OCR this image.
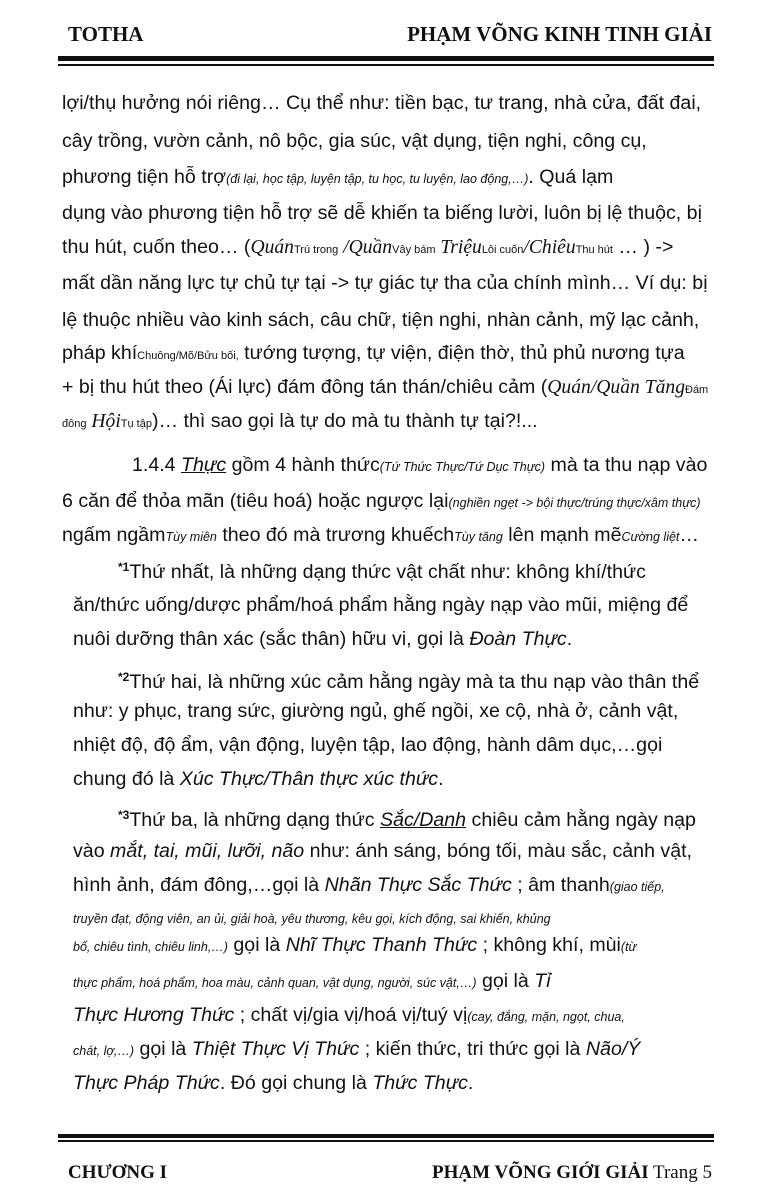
TOTHA	PHẠM VÕNG KINH TINH GIẢI
lợi/thụ hưởng nói riêng… Cụ thể như: tiền bạc, tư trang, nhà cửa, đất đai,
cây trồng, vườn cảnh, nô bộc, gia súc, vật dụng, tiện nghi, công cụ,
phương tiện hỗ trợ(đi lại, học tập, luyện tập, tu học, tu luyện, lao động,…). Quá lạm
dụng vào phương tiện hỗ trợ sẽ dễ khiến ta biếng lười, luôn bị lệ thuộc, bị
thu hút, cuốn theo… (QuánTrú trong /QuầnVây bám TriệuLôi cuốn/ChiêuThu hút … ) ->
mất dần năng lực tự chủ tự tại -> tự giác tự tha của chính mình… Ví dụ: bị
lệ thuộc nhiều vào kinh sách, câu chữ, tiện nghi, nhàn cảnh, mỹ lạc cảnh,
pháp khíChuông/Mõ/Bửu bối, tướng tượng, tự viện, điện thờ, thủ phủ nương tựa
+ bị thu hút theo (Ái lực) đám đông tán thán/chiêu cảm (Quán/Quần TăngĐám
đông HộiTụ tập)… thì sao gọi là tự do mà tu thành tự tại?!...
1.4.4 Thực gồm 4 hành thức(Tứ Thức Thực/Tứ Dục Thực) mà ta thu nạp vào
6 căn để thỏa mãn (tiêu hoá) hoặc ngược lại(nghiền ngẹt -> bội thực/trúng thực/xâm thực)
ngấm ngầmTùy miên theo đó mà trương khuếchTùy tăng lên mạnh mẽCường liệt…
$^{*1}$Thứ nhất, là những dạng thức vật chất như: không khí/thức
ăn/thức uống/dược phẩm/hoá phẩm hằng ngày nạp vào mũi, miệng để
nuôi dưỡng thân xác (sắc thân) hữu vi, gọi là Đoàn Thực.
$^{*2}$Thứ hai, là những xúc cảm hằng ngày mà ta thu nạp vào thân thể
như: y phục, trang sức, giường ngủ, ghế ngồi, xe cộ, nhà ở, cảnh vật,
nhiệt độ, độ ẩm, vận động, luyện tập, lao động, hành dâm dục,…gọi
chung đó là Xúc Thực/Thân thực xúc thức.
$^{*3}$Thứ ba, là những dạng thức Sắc/Danh chiêu cảm hằng ngày nạp
vào mắt, tai, mũi, lưỡi, não như: ánh sáng, bóng tối, màu sắc, cảnh vật,
hình ảnh, đám đông,…gọi là Nhãn Thực Sắc Thức ; âm thanh(giao tiếp,
truyền đạt, động viên, an ủi, giải hoà, yêu thương, kêu gọi, kích động, sai khiến, khủng
bố, chiêu tình, chiêu linh,…) gọi là Nhĩ Thực Thanh Thức ; không khí, mùi(từ
thực phẩm, hoá phẩm, hoa màu, cảnh quan, vật dụng, người, súc vật,…) gọi là Tỉ
Thực Hương Thức ; chất vị/gia vị/hoá vị/tuý vị(cay, đắng, mặn, ngọt, chua,
chát, lợ,…) gọi là Thiệt Thực Vị Thức ; kiến thức, tri thức gọi là Não/Ý
Thực Pháp Thức. Đó gọi chung là Thức Thực.
CHƯƠNG I	PHẠM VÕNG GIỚI GIẢI Trang 5
